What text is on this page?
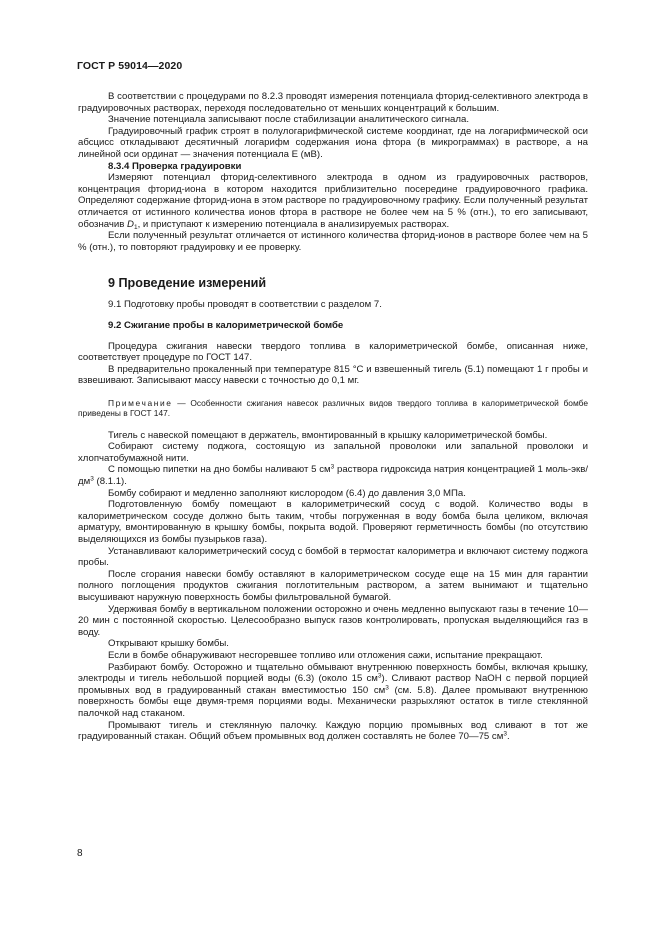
ГОСТ Р 59014—2020

В соответствии с процедурами по 8.2.3 проводят измерения потенциала фторид-селективного электрода в градуировочных растворах, переходя последовательно от меньших концентраций к большим.

Значение потенциала записывают после стабилизации аналитического сигнала.

Градуировочный график строят в полулогарифмической системе координат, где на логарифмической оси абсцисс откладывают десятичный логарифм содержания иона фтора (в микрограммах) в растворе, а на линейной оси ординат — значения потенциала Е (мВ).

8.3.4 Проверка градуировки

Измеряют потенциал фторид-селективного электрода в одном из градуировочных растворов, концентрация фторид-иона в котором находится приблизительно посередине градуировочного графика. Определяют содержание фторид-иона в этом растворе по градуировочному графику. Если полученный результат отличается от истинного количества ионов фтора в растворе не более чем на 5 % (отн.), то его записывают, обозначив $D_1$, и приступают к измерению потенциала в анализируемых растворах.

Если полученный результат отличается от истинного количества фторид-ионов в растворе более чем на 5 % (отн.), то повторяют градуировку и ее проверку.

9 Проведение измерений

9.1 Подготовку пробы проводят в соответствии с разделом 7.

9.2 Сжигание пробы в калориметрической бомбе

Процедура сжигания навески твердого топлива в калориметрической бомбе, описанная ниже, соответствует процедуре по ГОСТ 147.

В предварительно прокаленный при температуре 815 °С и взвешенный тигель (5.1) помещают 1 г пробы и взвешивают. Записывают массу навески с точностью до 0,1 мг.

Примечание — Особенности сжигания навесок различных видов твердого топлива в калориметрической бомбе приведены в ГОСТ 147.

Тигель с навеской помещают в держатель, вмонтированный в крышку калориметрической бомбы.

Собирают систему поджога, состоящую из запальной проволоки или запальной проволоки и хлопчатобумажной нити.

С помощью пипетки на дно бомбы наливают 5 $см^3$ раствора гидроксида натрия концентрацией 1 моль-$экв/дм^3$ (8.1.1).

Бомбу собирают и медленно заполняют кислородом (6.4) до давления 3,0 МПа.

Подготовленную бомбу помещают в калориметрический сосуд с водой. Количество воды в калориметрическом сосуде должно быть таким, чтобы погруженная в воду бомба была целиком, включая арматуру, вмонтированную в крышку бомбы, покрыта водой. Проверяют герметичность бомбы (по отсутствию выделяющихся из бомбы пузырьков газа).

Устанавливают калориметрический сосуд с бомбой в термостат калориметра и включают систему поджога пробы.

После сгорания навески бомбу оставляют в калориметрическом сосуде еще на 15 мин для гарантии полного поглощения продуктов сжигания поглотительным раствором, а затем вынимают и тщательно высушивают наружную поверхность бомбы фильтровальной бумагой.

Удерживая бомбу в вертикальном положении осторожно и очень медленно выпускают газы в течение 10—20 мин с постоянной скоростью. Целесообразно выпуск газов контролировать, пропуская выделяющийся газ в воду.

Открывают крышку бомбы.

Если в бомбе обнаруживают несгоревшее топливо или отложения сажи, испытание прекращают.

Разбирают бомбу. Осторожно и тщательно обмывают внутреннюю поверхность бомбы, включая крышку, электроды и тигель небольшой порцией воды (6.3) (около 15 $см^3$). Сливают раствор NaOH с первой порцией промывных вод в градуированный стакан вместимостью 150 $см^3$ (см. 5.8). Далее промывают внутреннюю поверхность бомбы еще двумя-тремя порциями воды. Механически разрыхляют остаток в тигле стеклянной палочкой над стаканом.

Промывают тигель и стеклянную палочку. Каждую порцию промывных вод сливают в тот же градуированный стакан. Общий объем промывных вод должен составлять не более 70—75 $см^3$.

8
